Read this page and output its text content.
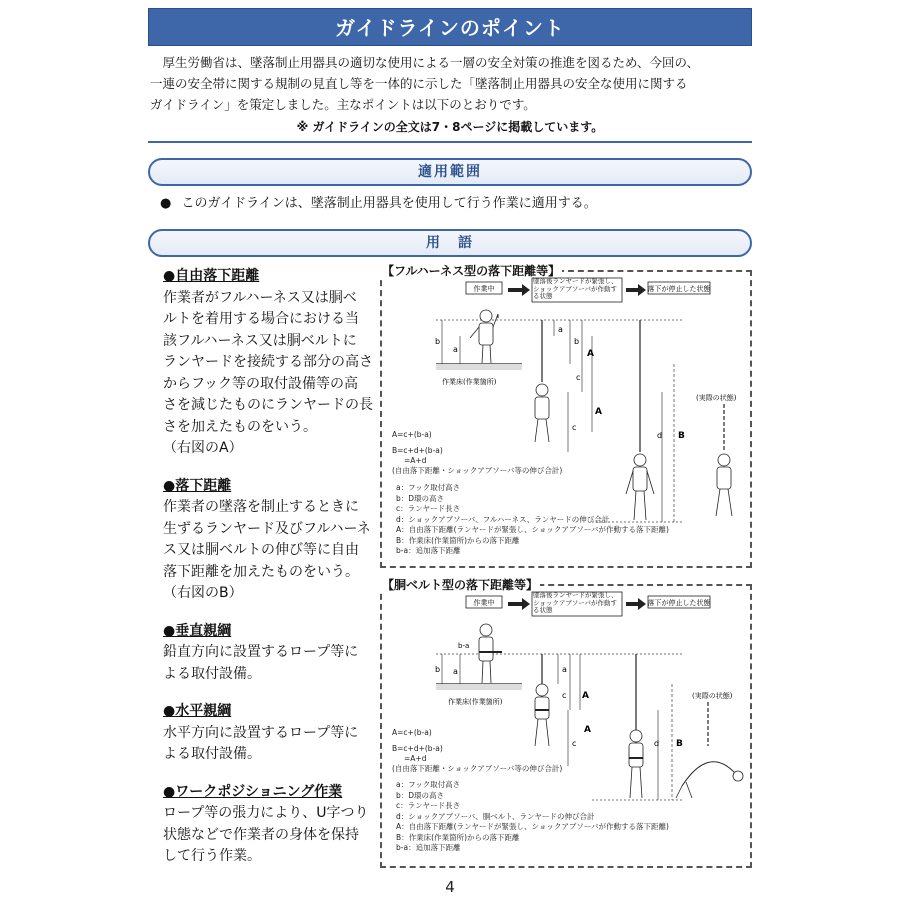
ガイドラインのポイント

厚生労働省は、墜落制止用器具の適切な使用による一層の安全対策の推進を図るため、今回の、

一連の安全帯に関する規制の見直し等を一体的に示した「墜落制止用器具の安全な使用に関する
ガイドライン」を策定しました。主なポイントは以下のとおりです。
※ ガイドラインの全文は7・8ページに掲載しています。
適用範囲
● このガイドラインは、墜落制止用器具を使用して行う作業に適用する。
用　語
●自由落下距離

作業者がフルハーネス又は胴ベ

ルトを着用する場合における当

該フルハーネス又は胴ベルトに

ランヤードを接続する部分の高さ

からフック等の取付設備等の高

さを減じたものにランヤードの長

さを加えたものをいう。

（右図のA）

●落下距離

作業者の墜落を制止するときに

生ずるランヤード及びフルハーネ

ス又は胴ベルトの伸び等に自由

落下距離を加えたものをいう。

（右図のB）

●垂直親綱

鉛直方向に設置するロープ等に

よる取付設備。

●水平親綱

水平方向に設置するロープ等に

よる取付設備。

●ワークポジショニング作業

ロープ等の張力により、U字つり

状態などで作業者の身体を保持

して行う作業。

【フルハーネス型の落下距離等】
作業中
墜落後ランヤードが緊張し、ショックアブソーバが作動する状態
落下が停止した状態
作業床(作業箇所)
b
a
a
b
c
A
c
A
d B
(実際の状態)
A=c+(b-a)
B=c+d+(b-a)
=A+d
(自由落下距離・ショックアブソーバ等の伸び合計)
a：フック取付高さ
b：D環の高さ
c：ランヤード長さ
d：ショックアブソーバ、フルハーネス、ランヤードの伸び合計
A：自由落下距離(ランヤードが緊張し、ショックアブソーバが作動する落下距離)
B：作業床(作業箇所)からの落下距離
b-a：追加落下距離
【胴ベルト型の落下距離等】
作業中
墜落後ランヤードが緊張し、ショックアブソーバが作動する状態
落下が停止した状態
作業床(作業箇所)
b-a
b a	a
c A
c
A
d B
(実際の状態)
A=c+(b-a)
B=c+d+(b-a)
=A+d
(自由落下距離・ショックアブソーバ等の伸び合計)
a：フック取付高さ
b：D環の高さ
c：ランヤード長さ
d：ショックアブソーバ、胴ベルト、ランヤードの伸び合計
A：自由落下距離(ランヤードが緊張し、ショックアブソーバが作動する落下距離)
B：作業床(作業箇所)からの落下距離
b-a：追加落下距離
4
